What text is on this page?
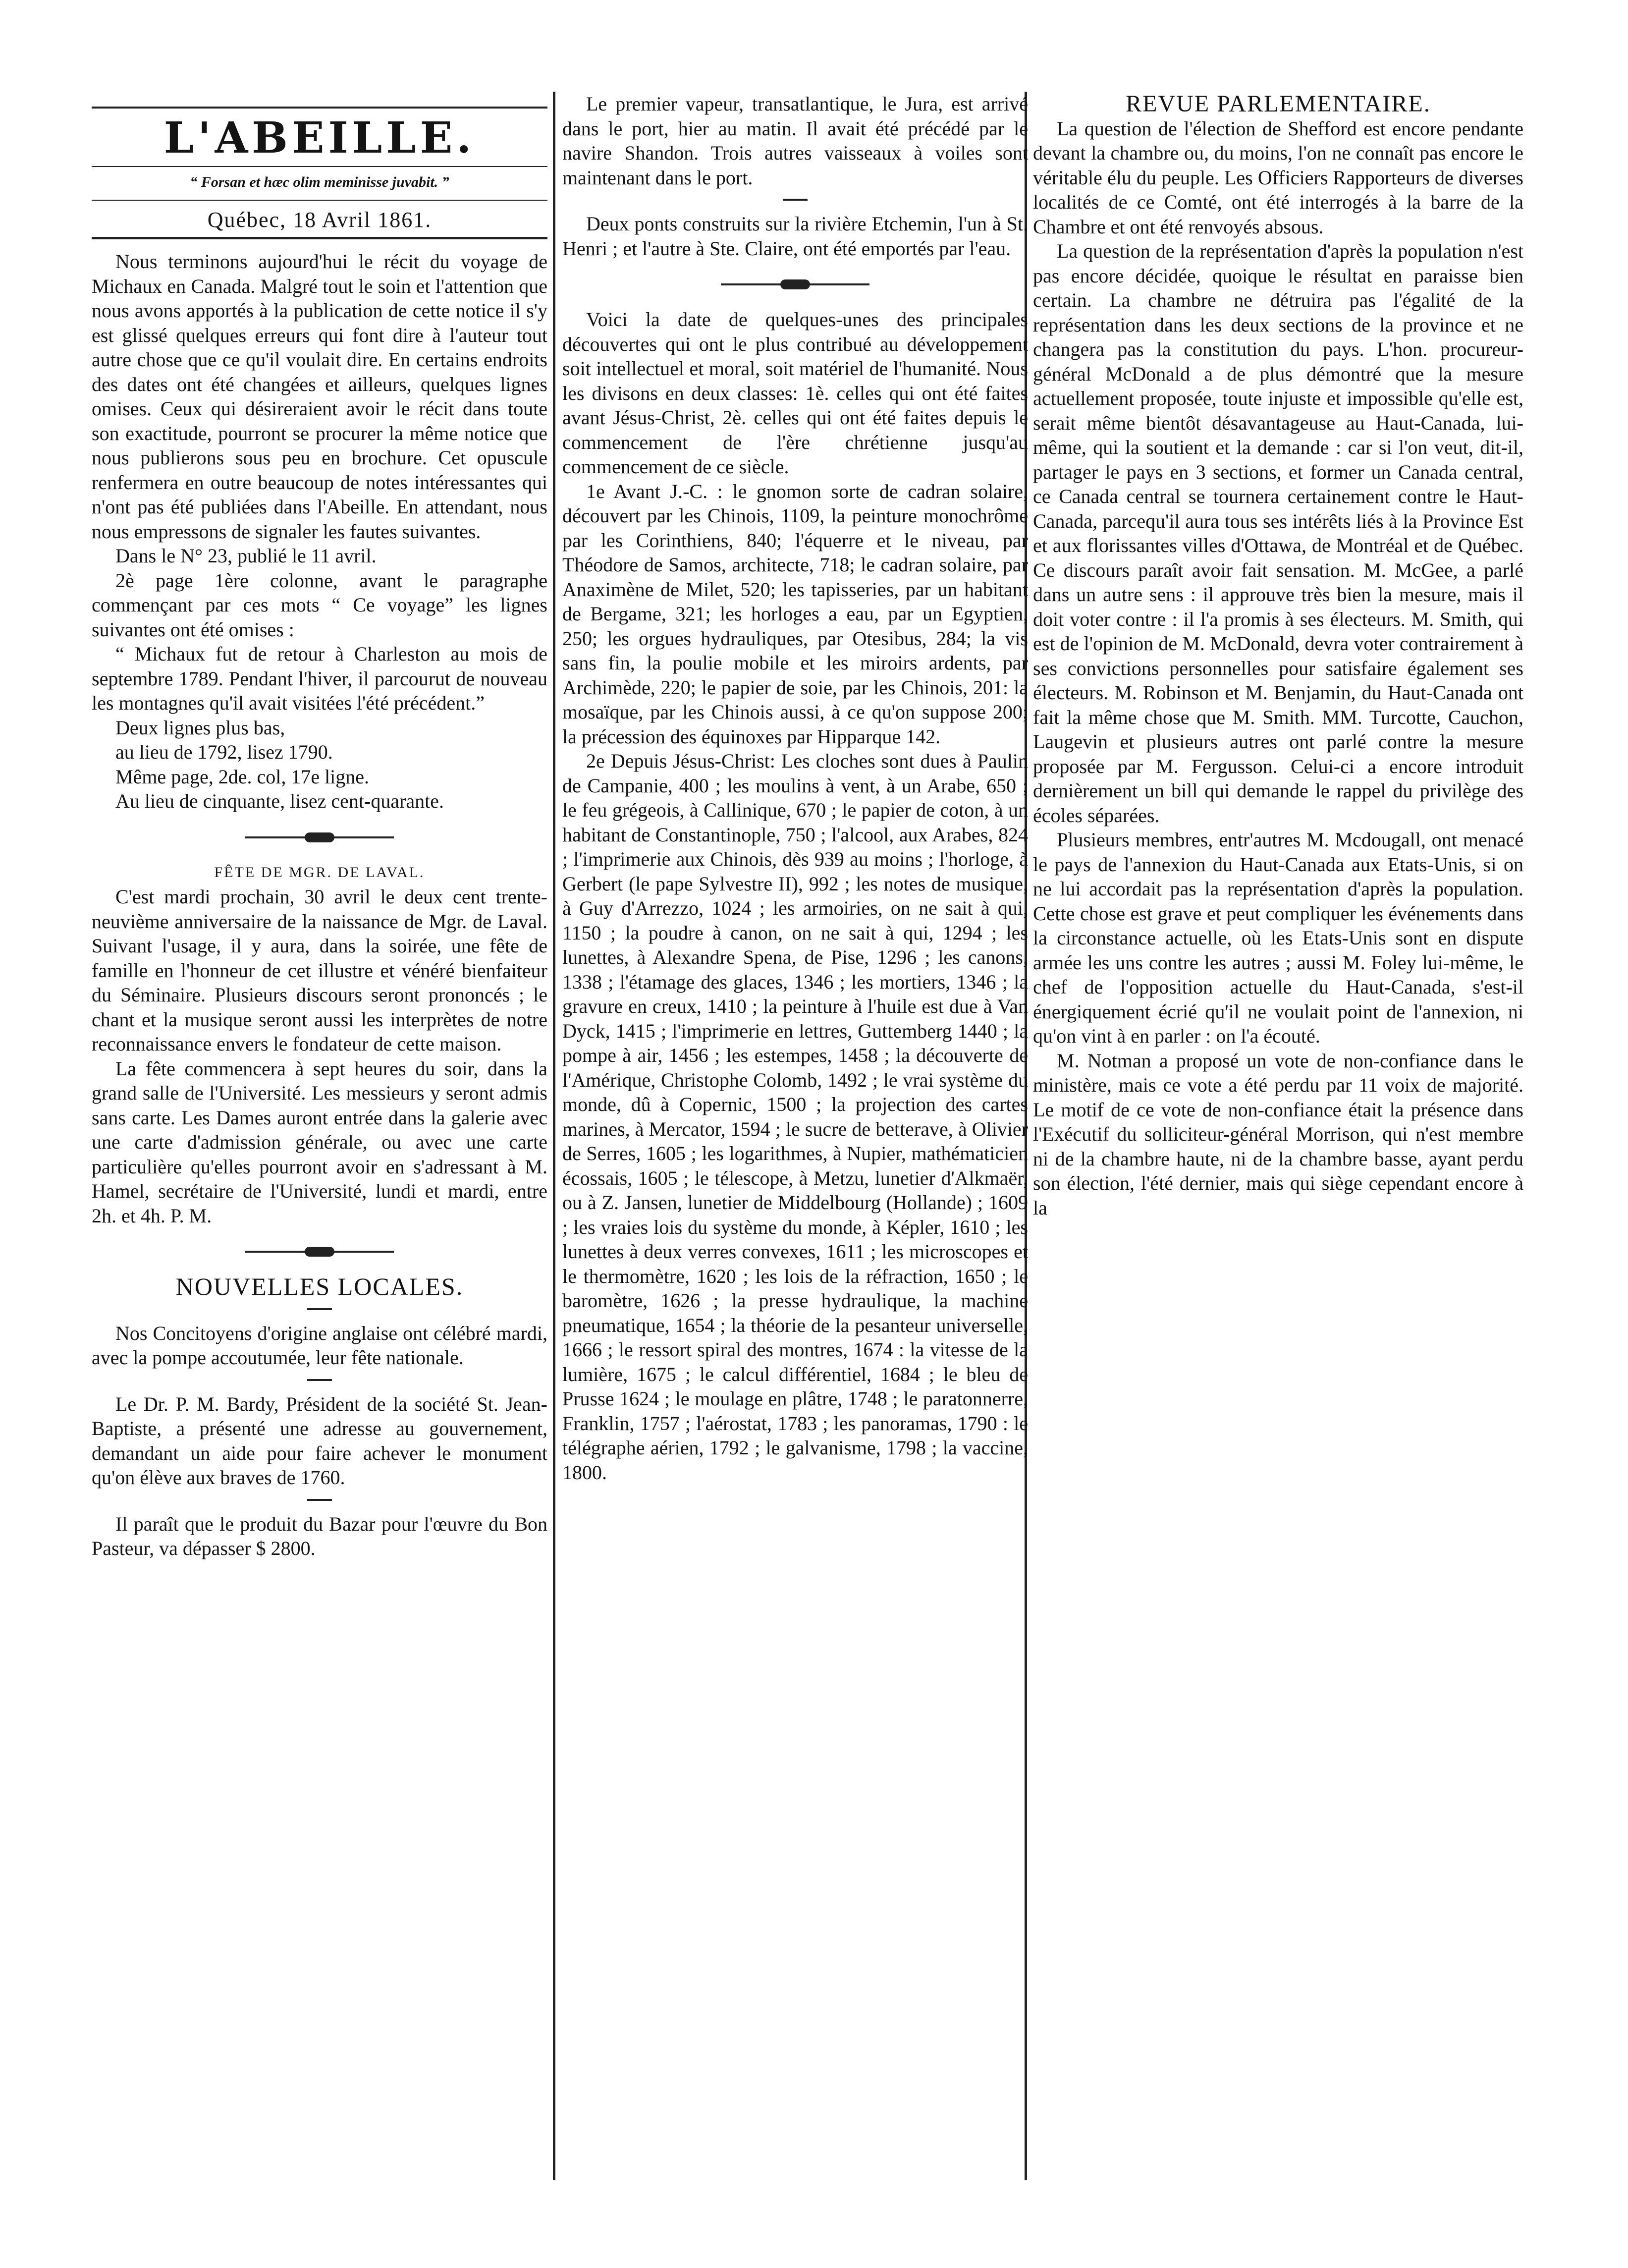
L'ABEILLE.
“ Forsan et hæc olim meminisse juvabit. ”
Québec, 18 Avril 1861.

Nous terminons aujourd'hui le récit du voyage de Michaux en Canada. Malgré tout le soin et l'attention que nous avons apportés à la publication de cette notice il s'y est glissé quelques erreurs qui font dire à l'auteur tout autre chose que ce qu'il voulait dire. En certains endroits des dates ont été changées et ailleurs, quelques lignes omises. Ceux qui désireraient avoir le récit dans toute son exactitude, pourront se procurer la même notice que nous publierons sous peu en brochure. Cet opuscule renfermera en outre beaucoup de notes intéressantes qui n'ont pas été publiées dans l'Abeille. En attendant, nous nous empressons de signaler les fautes suivantes.

Dans le N° 23, publié le 11 avril.

2è page 1ère colonne, avant le paragraphe commençant par ces mots “ Ce voyage” les lignes suivantes ont été omises :

“ Michaux fut de retour à Charleston au mois de septembre 1789. Pendant l'hiver, il parcourut de nouveau les montagnes qu'il avait visitées l'été précédent.”

Deux lignes plus bas,

au lieu de 1792, lisez 1790.

Même page, 2de. col, 17e ligne.

Au lieu de cinquante, lisez cent-quarante.

FÊTE DE MGR. DE LAVAL.

C'est mardi prochain, 30 avril le deux cent trente-neuvième anniversaire de la naissance de Mgr. de Laval. Suivant l'usage, il y aura, dans la soirée, une fête de famille en l'honneur de cet illustre et vénéré bienfaiteur du Séminaire. Plusieurs discours seront prononcés ; le chant et la musique seront aussi les interprètes de notre reconnaissance envers le fondateur de cette maison.

La fête commencera à sept heures du soir, dans la grand salle de l'Université. Les messieurs y seront admis sans carte. Les Dames auront entrée dans la galerie avec une carte d'admission générale, ou avec une carte particulière qu'elles pourront avoir en s'adressant à M. Hamel, secrétaire de l'Université, lundi et mardi, entre 2h. et 4h. P. M.

NOUVELLES LOCALES.

Nos Concitoyens d'origine anglaise ont célébré mardi, avec la pompe accoutumée, leur fête nationale.

Le Dr. P. M. Bardy, Président de la société St. Jean-Baptiste, a présenté une adresse au gouvernement, demandant un aide pour faire achever le monument qu'on élève aux braves de 1760.

Il paraît que le produit du Bazar pour l'œuvre du Bon Pasteur, va dépasser $ 2800.

Le premier vapeur, transatlantique, le Jura, est arrivé dans le port, hier au matin. Il avait été précédé par le navire Shandon. Trois autres vaisseaux à voiles sont maintenant dans le port.

Deux ponts construits sur la rivière Etchemin, l'un à St. Henri ; et l'autre à Ste. Claire, ont été emportés par l'eau.

Voici la date de quelques-unes des principales découvertes qui ont le plus contribué au développement soit intellectuel et moral, soit matériel de l'humanité. Nous les divisons en deux classes: 1è. celles qui ont été faites avant Jésus-Christ, 2è. celles qui ont été faites depuis le commencement de l'ère chrétienne jusqu'au commencement de ce siècle.

1e Avant J.-C. : le gnomon sorte de cadran solaire, découvert par les Chinois, 1109, la peinture monochrôme par les Corinthiens, 840; l'équerre et le niveau, par Théodore de Samos, architecte, 718; le cadran solaire, par Anaximène de Milet, 520; les tapisseries, par un habitant de Bergame, 321; les horloges a eau, par un Egyptien, 250; les orgues hydrauliques, par Otesibus, 284; la vis sans fin, la poulie mobile et les miroirs ardents, par Archimède, 220; le papier de soie, par les Chinois, 201: la mosaïque, par les Chinois aussi, à ce qu'on suppose 200; la précession des équinoxes par Hipparque 142.

2e Depuis Jésus-Christ: Les cloches sont dues à Paulin de Campanie, 400 ; les moulins à vent, à un Arabe, 650 ; le feu grégeois, à Callinique, 670 ; le papier de coton, à un habitant de Constantinople, 750 ; l'alcool, aux Arabes, 824 ; l'imprimerie aux Chinois, dès 939 au moins ; l'horloge, à Gerbert (le pape Sylvestre II), 992 ; les notes de musique, à Guy d'Arrezzo, 1024 ; les armoiries, on ne sait à qui, 1150 ; la poudre à canon, on ne sait à qui, 1294 ; les lunettes, à Alexandre Spena, de Pise, 1296 ; les canons, 1338 ; l'étamage des glaces, 1346 ; les mortiers, 1346 ; la gravure en creux, 1410 ; la peinture à l'huile est due à Van Dyck, 1415 ; l'imprimerie en lettres, Guttemberg 1440 ; la pompe à air, 1456 ; les estempes, 1458 ; la découverte de l'Amérique, Christophe Colomb, 1492 ; le vrai système du monde, dû à Copernic, 1500 ; la projection des cartes marines, à Mercator, 1594 ; le sucre de betterave, à Olivier de Serres, 1605 ; les logarithmes, à Nupier, mathématicien écossais, 1605 ; le télescope, à Metzu, lunetier d'Alkmaër, ou à Z. Jansen, lunetier de Middelbourg (Hollande) ; 1609 ; les vraies lois du système du monde, à Képler, 1610 ; les lunettes à deux verres convexes, 1611 ; les microscopes et le thermomètre, 1620 ; les lois de la réfraction, 1650 ; le baromètre, 1626 ; la presse hydraulique, la machine pneumatique, 1654 ; la théorie de la pesanteur universelle, 1666 ; le ressort spiral des montres, 1674 : la vitesse de la lumière, 1675 ; le calcul différentiel, 1684 ; le bleu de Prusse 1624 ; le moulage en plâtre, 1748 ; le paratonnerre, Franklin, 1757 ; l'aérostat, 1783 ; les panoramas, 1790 : le télégraphe aérien, 1792 ; le galvanisme, 1798 ; la vaccine, 1800.

REVUE PARLEMENTAIRE.

La question de l'élection de Shefford est encore pendante devant la chambre ou, du moins, l'on ne connaît pas encore le véritable élu du peuple. Les Officiers Rapporteurs de diverses localités de ce Comté, ont été interrogés à la barre de la Chambre et ont été renvoyés absous.

La question de la représentation d'après la population n'est pas encore décidée, quoique le résultat en paraisse bien certain. La chambre ne détruira pas l'égalité de la représentation dans les deux sections de la province et ne changera pas la constitution du pays. L'hon. procureur-général McDonald a de plus démontré que la mesure actuellement proposée, toute injuste et impossible qu'elle est, serait même bientôt désavantageuse au Haut-Canada, lui-même, qui la soutient et la demande : car si l'on veut, dit-il, partager le pays en 3 sections, et former un Canada central, ce Canada central se tournera certainement contre le Haut-Canada, parcequ'il aura tous ses intérêts liés à la Province Est et aux florissantes villes d'Ottawa, de Montréal et de Québec. Ce discours paraît avoir fait sensation. M. McGee, a parlé dans un autre sens : il approuve très bien la mesure, mais il doit voter contre : il l'a promis à ses électeurs. M. Smith, qui est de l'opinion de M. McDonald, devra voter contrairement à ses convictions personnelles pour satisfaire également ses électeurs. M. Robinson et M. Benjamin, du Haut-Canada ont fait la même chose que M. Smith. MM. Turcotte, Cauchon, Laugevin et plusieurs autres ont parlé contre la mesure proposée par M. Fergusson. Celui-ci a encore introduit dernièrement un bill qui demande le rappel du privilège des écoles séparées.

Plusieurs membres, entr'autres M. Mcdougall, ont menacé le pays de l'annexion du Haut-Canada aux Etats-Unis, si on ne lui accordait pas la représentation d'après la population. Cette chose est grave et peut compliquer les événements dans la circonstance actuelle, où les Etats-Unis sont en dispute armée les uns contre les autres ; aussi M. Foley lui-même, le chef de l'opposition actuelle du Haut-Canada, s'est-il énergiquement écrié qu'il ne voulait point de l'annexion, ni qu'on vint à en parler : on l'a écouté.

M. Notman a proposé un vote de non-confiance dans le ministère, mais ce vote a été perdu par 11 voix de majorité. Le motif de ce vote de non-confiance était la présence dans l'Exécutif du solliciteur-général Morrison, qui n'est membre ni de la chambre haute, ni de la chambre basse, ayant perdu son élection, l'été dernier, mais qui siège cependant encore à la
